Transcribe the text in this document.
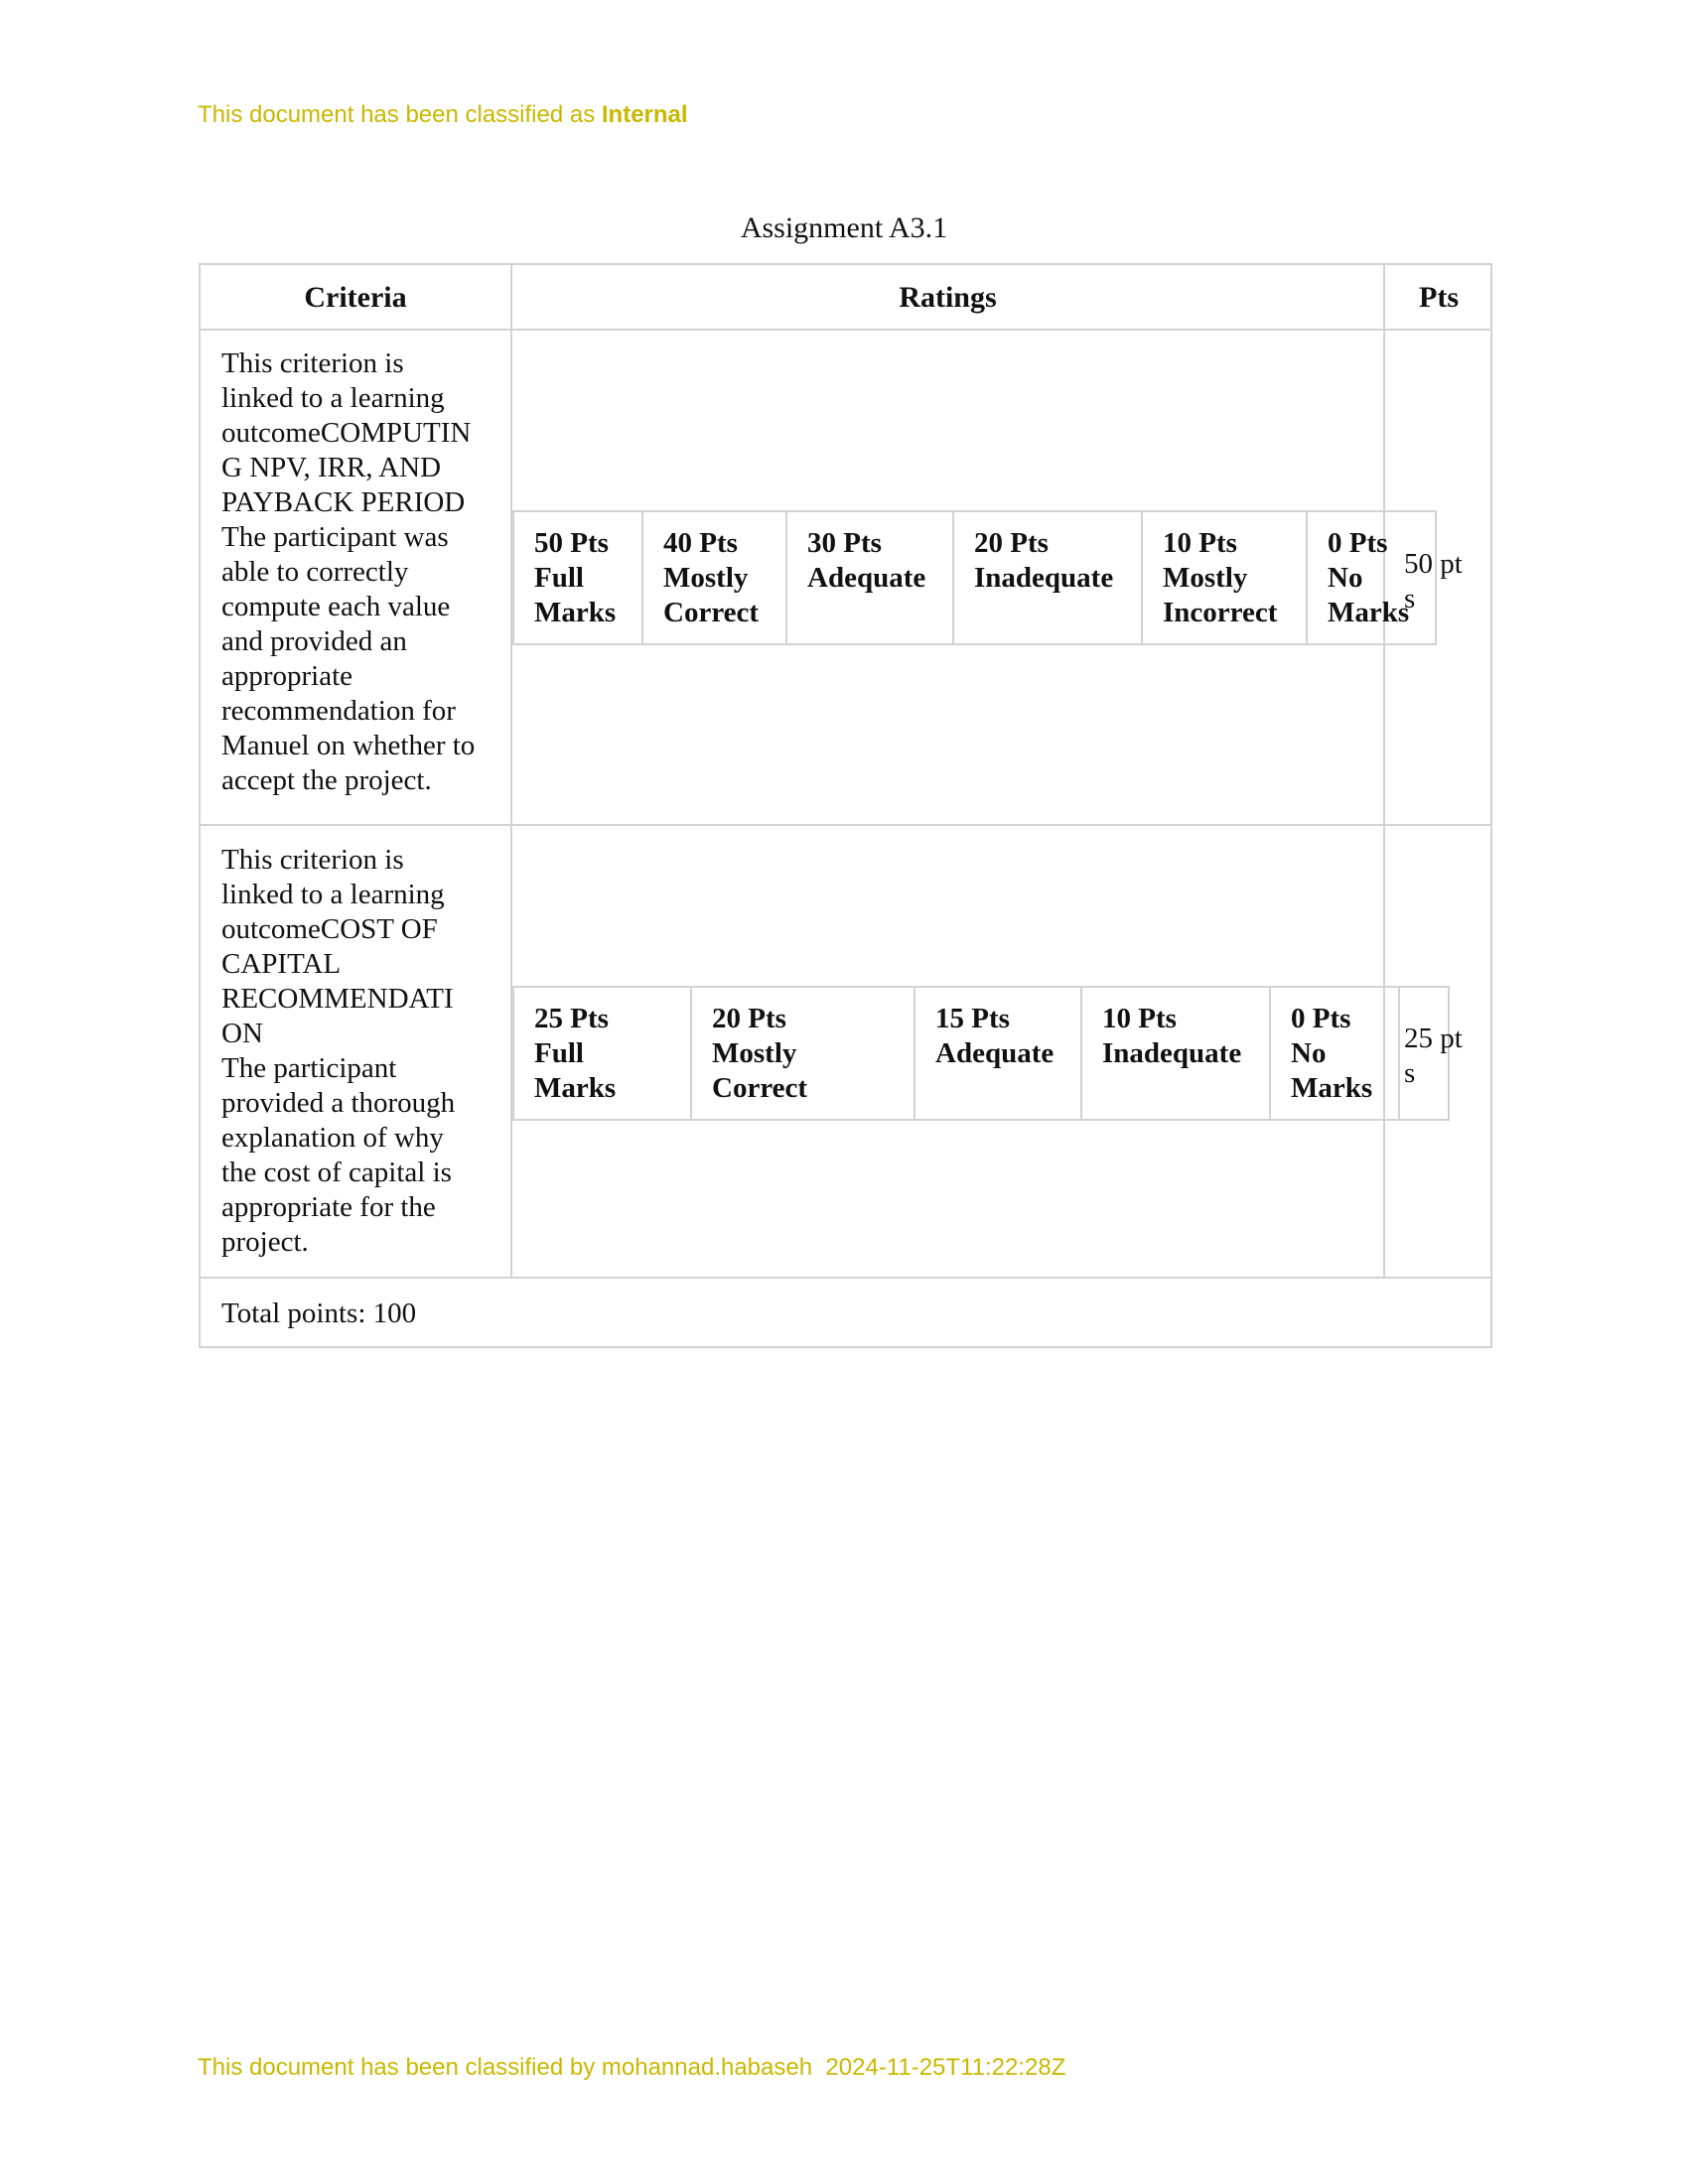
This document has been classified as Internal
Assignment A3.1
Criteria	Ratings	Pts
This criterion is
linked to a learning
outcomeCOMPUTIN
G NPV, IRR, AND
PAYBACK PERIOD
The participant was
able to correctly
compute each value
and provided an
appropriate
recommendation for
Manuel on whether to
accept the project.
50 Pts
Full
Marks
40 Pts
Mostly
Correct
30 Pts
Adequate
20 Pts
Inadequate
10 Pts
Mostly
Incorrect
0 Pts
No
Marks
50 pt
s
This criterion is
linked to a learning
outcomeCOST OF
CAPITAL
RECOMMENDATI
ON
The participant
provided a thorough
explanation of why
the cost of capital is
appropriate for the
project.
25 Pts
Full
Marks
20 Pts
Mostly
Correct
15 Pts
Adequate
10 Pts
Inadequate
0 Pts
No
Marks
25 pt
s
Total points: 100
This document has been classified by mohannad.habaseh  2024-11-25T11:22:28Z
